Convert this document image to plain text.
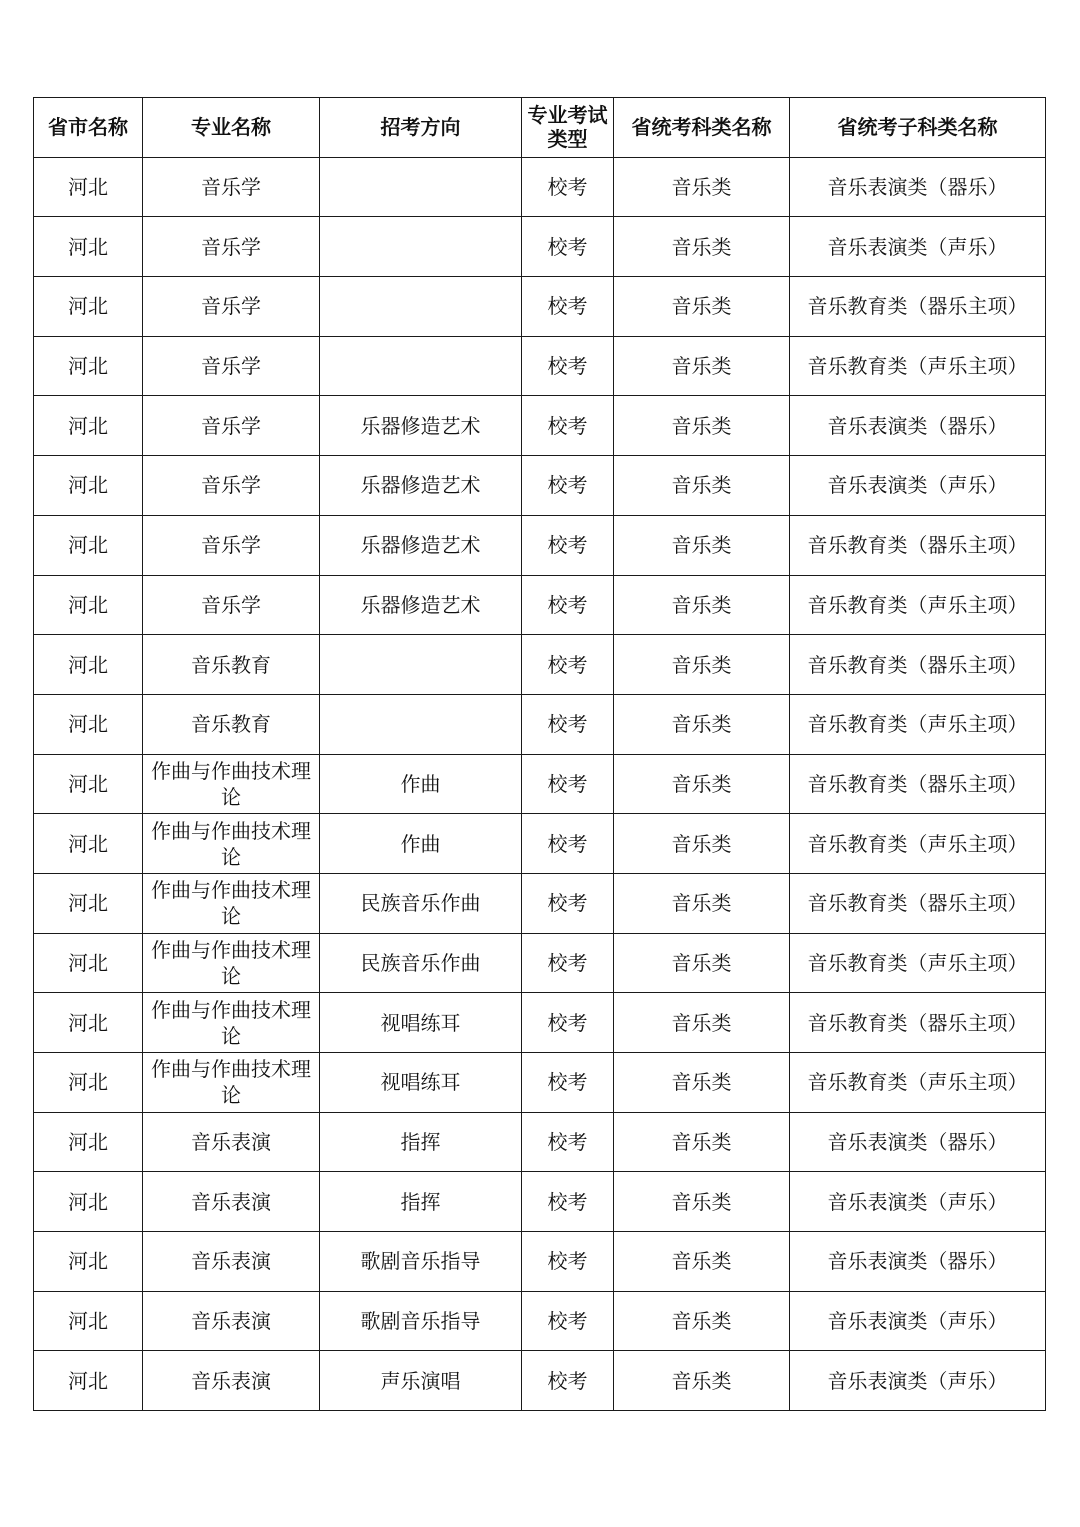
省市名称	专业名称	招考方向	专业考试类型	省统考科类名称	省统考子科类名称
河北	音乐学		校考	音乐类	音乐表演类（器乐）
河北	音乐学		校考	音乐类	音乐表演类（声乐）
河北	音乐学		校考	音乐类	音乐教育类（器乐主项）
河北	音乐学		校考	音乐类	音乐教育类（声乐主项）
河北	音乐学	乐器修造艺术	校考	音乐类	音乐表演类（器乐）
河北	音乐学	乐器修造艺术	校考	音乐类	音乐表演类（声乐）
河北	音乐学	乐器修造艺术	校考	音乐类	音乐教育类（器乐主项）
河北	音乐学	乐器修造艺术	校考	音乐类	音乐教育类（声乐主项）
河北	音乐教育		校考	音乐类	音乐教育类（器乐主项）
河北	音乐教育		校考	音乐类	音乐教育类（声乐主项）
河北	作曲与作曲技术理论	作曲	校考	音乐类	音乐教育类（器乐主项）
河北	作曲与作曲技术理论	作曲	校考	音乐类	音乐教育类（声乐主项）
河北	作曲与作曲技术理论	民族音乐作曲	校考	音乐类	音乐教育类（器乐主项）
河北	作曲与作曲技术理论	民族音乐作曲	校考	音乐类	音乐教育类（声乐主项）
河北	作曲与作曲技术理论	视唱练耳	校考	音乐类	音乐教育类（器乐主项）
河北	作曲与作曲技术理论	视唱练耳	校考	音乐类	音乐教育类（声乐主项）
河北	音乐表演	指挥	校考	音乐类	音乐表演类（器乐）
河北	音乐表演	指挥	校考	音乐类	音乐表演类（声乐）
河北	音乐表演	歌剧音乐指导	校考	音乐类	音乐表演类（器乐）
河北	音乐表演	歌剧音乐指导	校考	音乐类	音乐表演类（声乐）
河北	音乐表演	声乐演唱	校考	音乐类	音乐表演类（声乐）
